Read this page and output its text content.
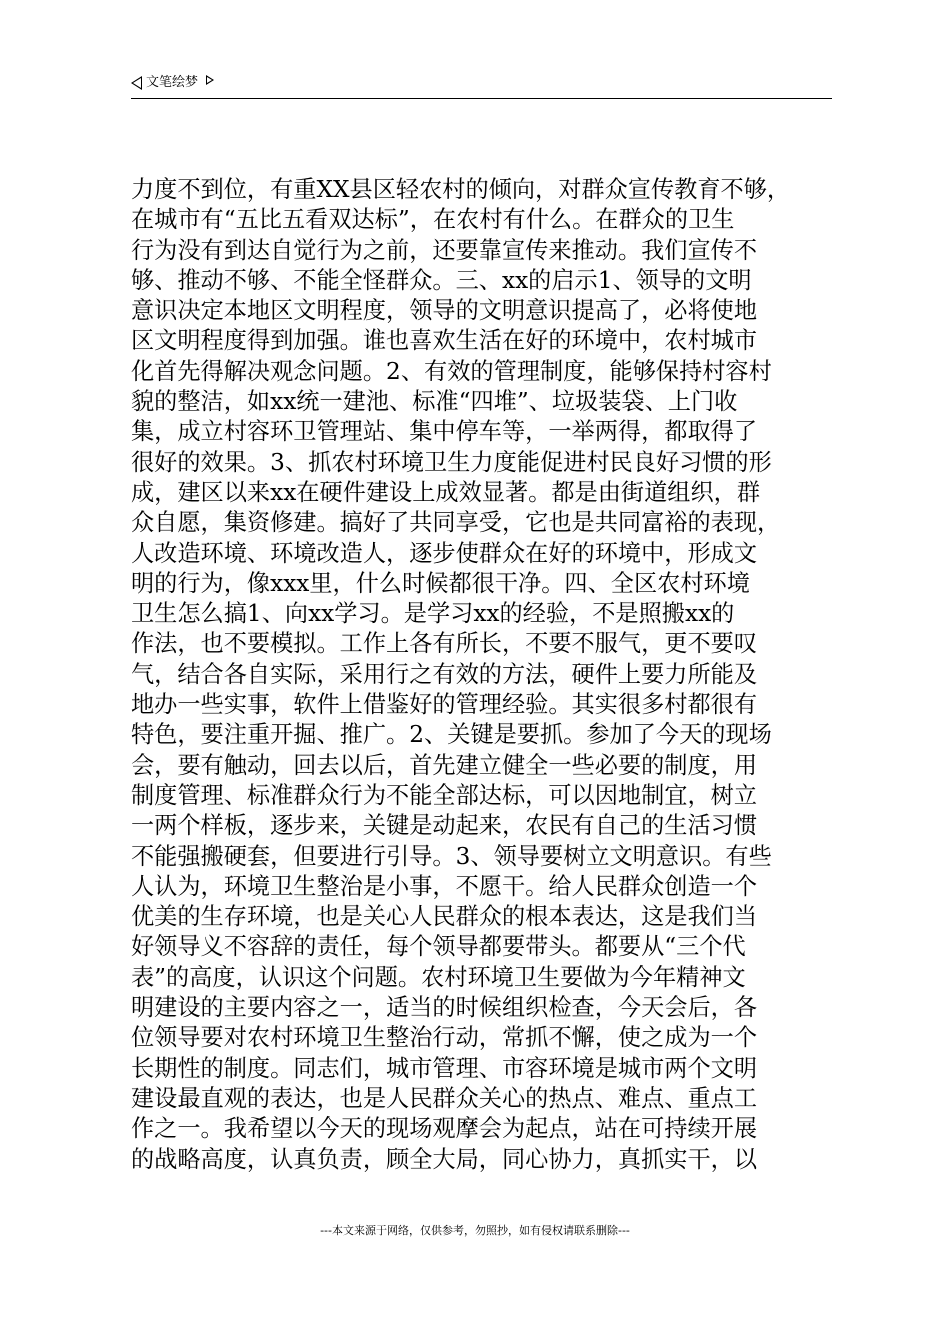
文笔绘梦
力度不到位，有重XX县区轻农村的倾向，对群众宣传教育不够，
在城市有“五比五看双达标”，在农村有什么。在群众的卫生
行为没有到达自觉行为之前，还要靠宣传来推动。我们宣传不
够、推动不够、不能全怪群众。三、xx的启示1、领导的文明
意识决定本地区文明程度，领导的文明意识提高了，必将使地
区文明程度得到加强。谁也喜欢生活在好的环境中，农村城市
化首先得解决观念问题。2、有效的管理制度，能够保持村容村
貌的整洁，如xx统一建池、标准“四堆”、垃圾装袋、上门收
集，成立村容环卫管理站、集中停车等，一举两得，都取得了
很好的效果。3、抓农村环境卫生力度能促进村民良好习惯的形
成，建区以来xx在硬件建设上成效显著。都是由街道组织，群
众自愿，集资修建。搞好了共同享受，它也是共同富裕的表现，
人改造环境、环境改造人，逐步使群众在好的环境中，形成文
明的行为，像xxx里，什么时候都很干净。四、全区农村环境
卫生怎么搞1、向xx学习。是学习xx的经验，不是照搬xx的
作法，也不要模拟。工作上各有所长，不要不服气，更不要叹
气，结合各自实际，采用行之有效的方法，硬件上要力所能及
地办一些实事，软件上借鉴好的管理经验。其实很多村都很有
特色，要注重开掘、推广。2、关键是要抓。参加了今天的现场
会，要有触动，回去以后，首先建立健全一些必要的制度，用
制度管理、标准群众行为不能全部达标，可以因地制宜，树立
一两个样板，逐步来，关键是动起来，农民有自己的生活习惯
不能强搬硬套，但要进行引导。3、领导要树立文明意识。有些
人认为，环境卫生整治是小事，不愿干。给人民群众创造一个
优美的生存环境，也是关心人民群众的根本表达，这是我们当
好领导义不容辞的责任，每个领导都要带头。都要从“三个代
表”的高度，认识这个问题。农村环境卫生要做为今年精神文
明建设的主要内容之一，适当的时候组织检查，今天会后，各
位领导要对农村环境卫生整治行动，常抓不懈，使之成为一个
长期性的制度。同志们，城市管理、市容环境是城市两个文明
建设最直观的表达，也是人民群众关心的热点、难点、重点工
作之一。我希望以今天的现场观摩会为起点，站在可持续开展
的战略高度，认真负责，顾全大局，同心协力，真抓实干，以
---本文来源于网络，仅供参考，勿照抄，如有侵权请联系删除---
